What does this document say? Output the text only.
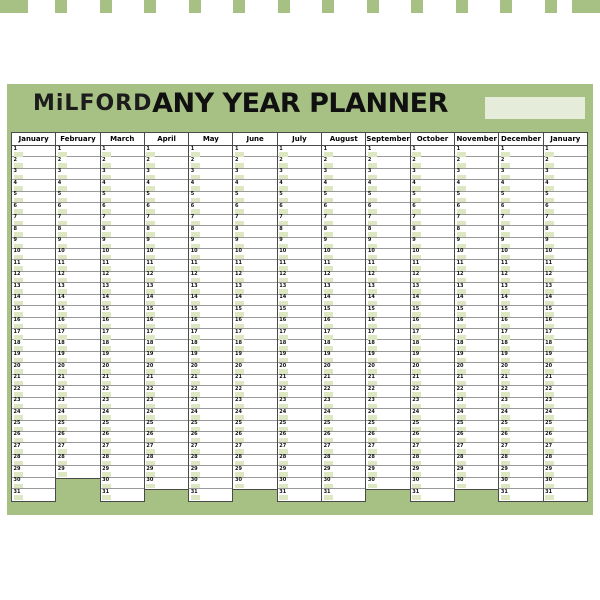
MiLFORD ANY YEAR PLANNER
January
1
2
3
4
5
6
7
8
9
10
11
12
13
14
15
16
17
18
19
20
21
22
23
24
25
26
27
28
29
30
31
February
1
2
3
4
5
6
7
8
9
10
11
12
13
14
15
16
17
18
19
20
21
22
23
24
25
26
27
28
29
March
1
2
3
4
5
6
7
8
9
10
11
12
13
14
15
16
17
18
19
20
21
22
23
24
25
26
27
28
29
30
31
April
1
2
3
4
5
6
7
8
9
10
11
12
13
14
15
16
17
18
19
20
21
22
23
24
25
26
27
28
29
30
May
1
2
3
4
5
6
7
8
9
10
11
12
13
14
15
16
17
18
19
20
21
22
23
24
25
26
27
28
29
30
31
June
1
2
3
4
5
6
7
8
9
10
11
12
13
14
15
16
17
18
19
20
21
22
23
24
25
26
27
28
29
30
July
1
2
3
4
5
6
7
8
9
10
11
12
13
14
15
16
17
18
19
20
21
22
23
24
25
26
27
28
29
30
31
August
1
2
3
4
5
6
7
8
9
10
11
12
13
14
15
16
17
18
19
20
21
22
23
24
25
26
27
28
29
30
31
September
1
2
3
4
5
6
7
8
9
10
11
12
13
14
15
16
17
18
19
20
21
22
23
24
25
26
27
28
29
30
October
1
2
3
4
5
6
7
8
9
10
11
12
13
14
15
16
17
18
19
20
21
22
23
24
25
26
27
28
29
30
31
November
1
2
3
4
5
6
7
8
9
10
11
12
13
14
15
16
17
18
19
20
21
22
23
24
25
26
27
28
29
30
December
1
2
3
4
5
6
7
8
9
10
11
12
13
14
15
16
17
18
19
20
21
22
23
24
25
26
27
28
29
30
31
January
1
2
3
4
5
6
7
8
9
10
11
12
13
14
15
16
17
18
19
20
21
22
23
24
25
26
27
28
29
30
31
